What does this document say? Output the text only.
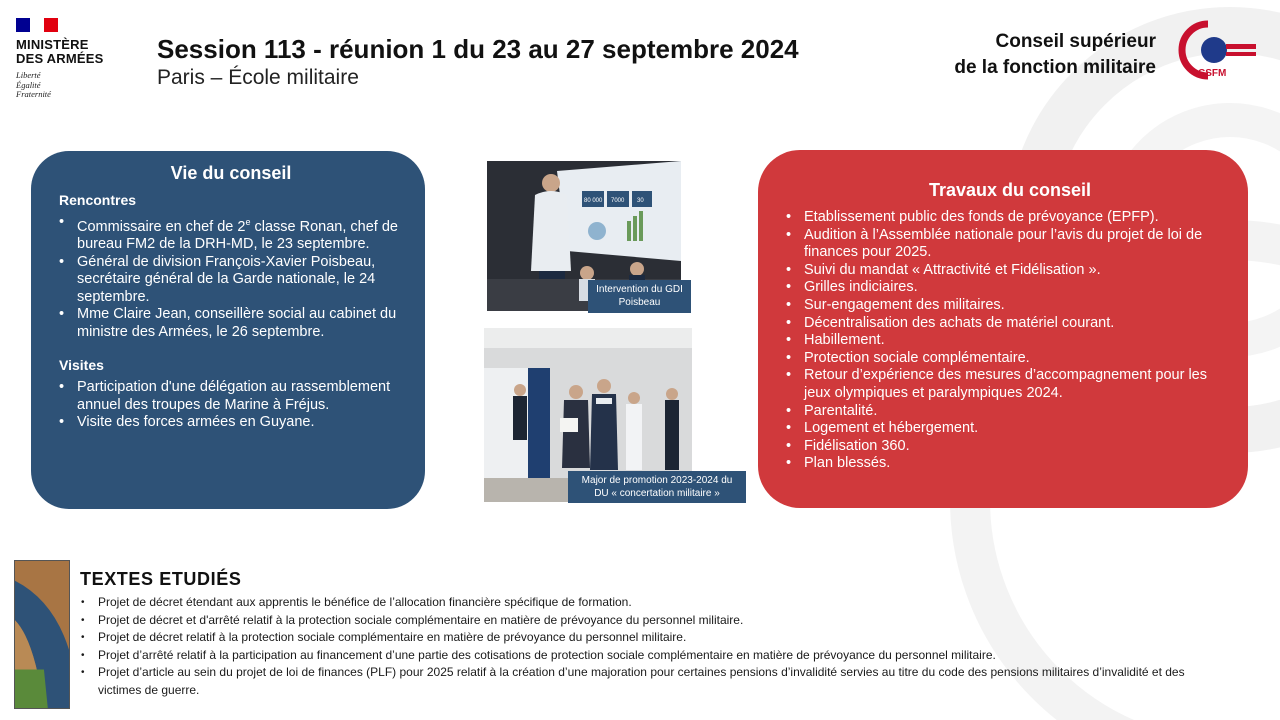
MINISTÈRE
DES ARMÉES
Liberté
Égalité
Fraternité
Session 113 - réunion 1 du 23 au 27 septembre 2024
Paris – École militaire
Conseil supérieur
de la fonction militaire	CSFM
Vie du conseil
Rencontres
• Commissaire en chef de 2e classe Ronan, chef de bureau FM2 de la DRH-MD, le 23 septembre.
• Général de division François-Xavier Poisbeau, secrétaire général de la Garde nationale, le 24 septembre.
• Mme Claire Jean, conseillère social au cabinet du ministre des Armées, le 26 septembre.
Visites
• Participation d'une délégation au rassemblement annuel des troupes de Marine à Fréjus.
• Visite des forces armées en Guyane.
80 000 7000 30
Intervention du GDI Poisbeau
Major de promotion 2023-2024 du DU « concertation militaire »
Travaux du conseil
• Etablissement public des fonds de prévoyance (EPFP).
• Audition à l’Assemblée nationale pour l’avis du projet de loi de finances pour 2025.
• Suivi du mandat « Attractivité et Fidélisation ».
• Grilles indiciaires.
• Sur-engagement des militaires.
• Décentralisation des achats de matériel courant.
• Habillement.
• Protection sociale complémentaire.
• Retour d’expérience des mesures d’accompagnement pour les jeux olympiques et paralympiques 2024.
• Parentalité.
• Logement et hébergement.
• Fidélisation 360.
• Plan blessés.
TEXTES ETUDIÉS
• Projet de décret étendant aux apprentis le bénéfice de l’allocation financière spécifique de formation.
• Projet de décret et d'arrêté relatif à la protection sociale complémentaire en matière de prévoyance du personnel militaire.
• Projet de décret relatif à la protection sociale complémentaire en matière de prévoyance du personnel militaire.
• Projet d’arrêté relatif à la participation au financement d’une partie des cotisations de protection sociale complémentaire en matière de prévoyance du personnel militaire.
• Projet d’article au sein du projet de loi de finances (PLF) pour 2025 relatif à la création d’une majoration pour certaines pensions d’invalidité servies au titre du code des pensions militaires d’invalidité et des victimes de guerre.
